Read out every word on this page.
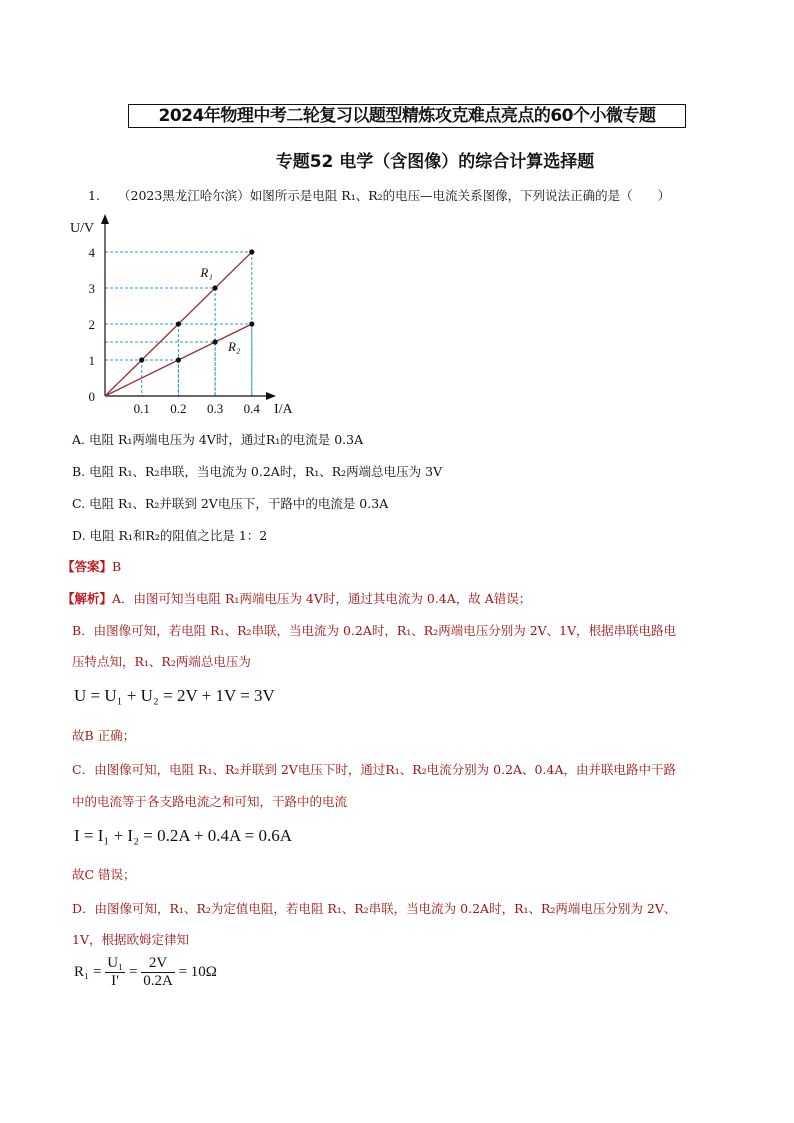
2024年物理中考二轮复习以题型精炼攻克难点亮点的60个小微专题
专题52 电学（含图像）的综合计算选择题
1. （2023黑龙江哈尔滨）如图所示是电阻 R₁、R₂的电压—电流关系图像，下列说法正确的是（　　）
R₁
R₂
0.1 0.2 0.3 0.4
1
2
3
4
0
U/V
I/A
A. 电阻 R₁两端电压为 4V时，通过R₁的电流是 0.3A
B. 电阻 R₁、R₂串联，当电流为 0.2A时，R₁、R₂两端总电压为 3V
C. 电阻 R₁、R₂并联到 2V电压下，干路中的电流是 0.3A
D. 电阻 R₁和R₂的阻值之比是 1：2
【答案】B
【解析】A．由图可知当电阻 R₁两端电压为 4V时，通过其电流为 0.4A，故 A错误；
B．由图像可知，若电阻 R₁、R₂串联，当电流为 0.2A时，R₁、R₂两端电压分别为 2V、1V，根据串联电路电
压特点知，R₁、R₂两端总电压为
U = U₁ + U₂ = 2V + 1V = 3V
故B 正确；
C．由图像可知，电阻 R₁、R₂并联到 2V电压下时，通过R₁、R₂电流分别为 0.2A、0.4A，由并联电路中干路
中的电流等于各支路电流之和可知，干路中的电流
I = I₁ + I₂ = 0.2A + 0.4A = 0.6A
故C 错误；
D．由图像可知，R₁、R₂为定值电阻，若电阻 R₁、R₂串联，当电流为 0.2A时，R₁、R₂两端电压分别为 2V、
1V，根据欧姆定律知
$R_1 = \frac{\text{U₁}}{I'} = \frac{2V}{0.2A} = 10\Omega$
